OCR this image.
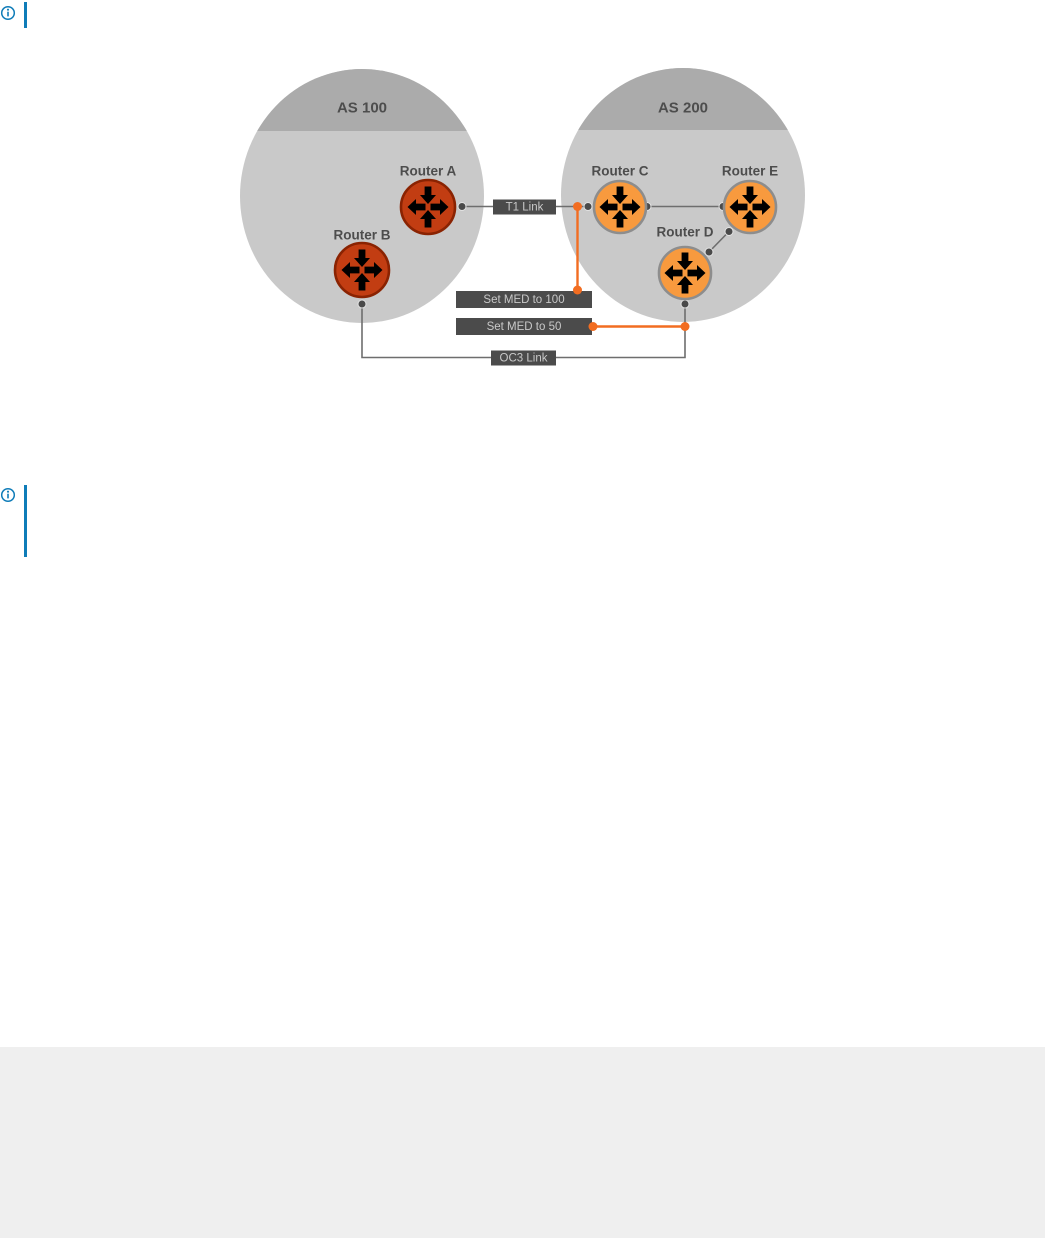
AS 100	AS 200
T1 Link
Set MED to 100
Set MED to 50
OC3 Link
Router A
Router B
Router C
Router D
Router E
